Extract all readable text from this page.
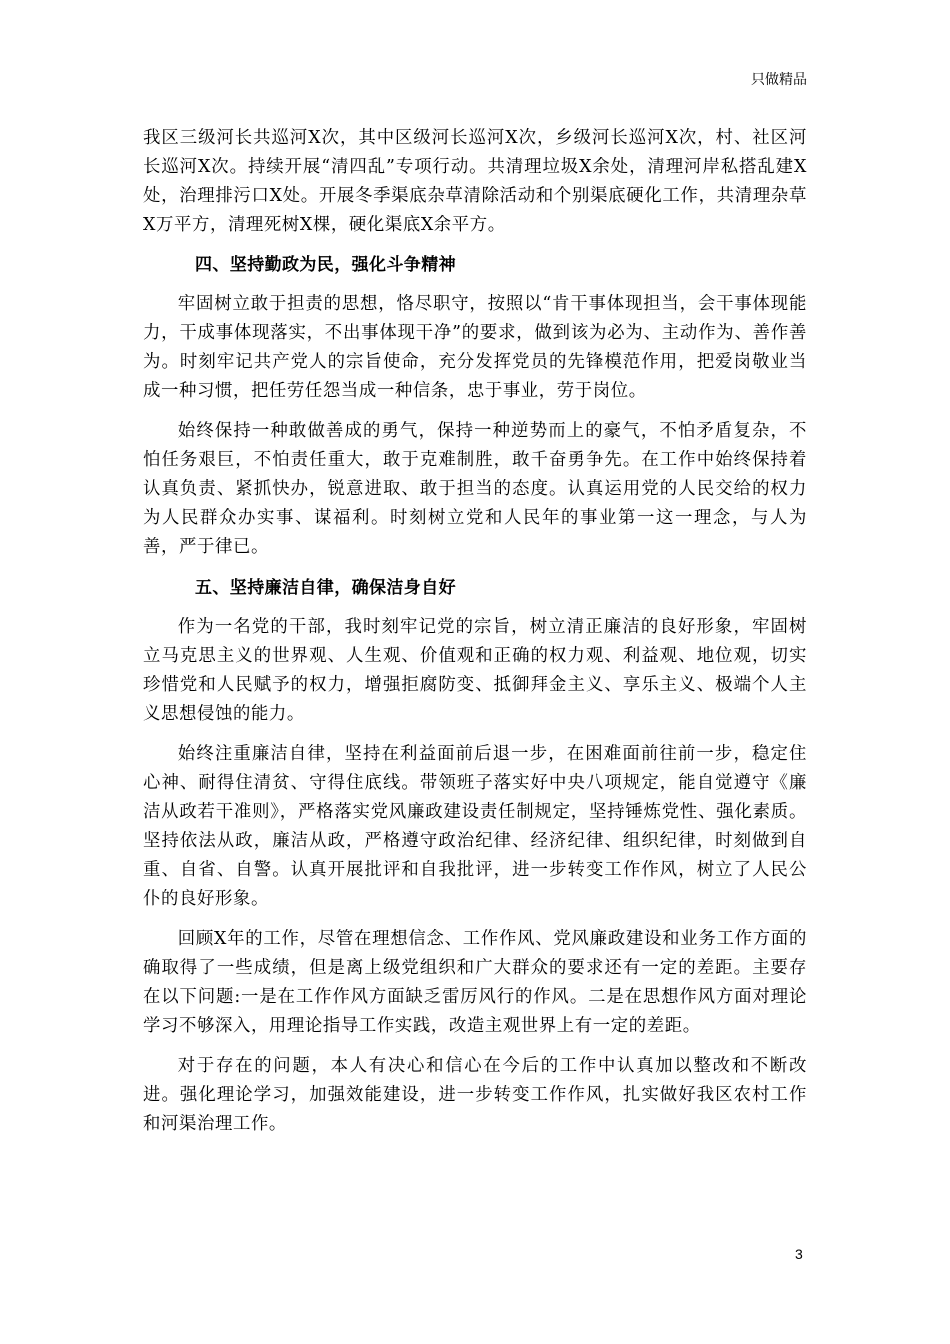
只做精品

我区三级河长共巡河X次，其中区级河长巡河X次，乡级河长巡河X次，村、社区河长巡河X次。持续开展“清四乱”专项行动。共清理垃圾X余处，清理河岸私搭乱建X处，治理排污口X处。开展冬季渠底杂草清除活动和个别渠底硬化工作，共清理杂草X万平方，清理死树X棵，硬化渠底X余平方。

四、坚持勤政为民，强化斗争精神

牢固树立敢于担责的思想，恪尽职守，按照以“肯干事体现担当，会干事体现能力，干成事体现落实，不出事体现干净”的要求，做到该为必为、主动作为、善作善为。时刻牢记共产党人的宗旨使命，充分发挥党员的先锋模范作用，把爱岗敬业当成一种习惯，把任劳任怨当成一种信条，忠于事业，劳于岗位。

始终保持一种敢做善成的勇气，保持一种逆势而上的豪气，不怕矛盾复杂，不怕任务艰巨，不怕责任重大，敢于克难制胜，敢千奋勇争先。在工作中始终保持着认真负责、紧抓快办，锐意进取、敢于担当的态度。认真运用党的人民交给的权力为人民群众办实事、谋福利。时刻树立党和人民年的事业第一这一理念，与人为善，严于律已。

五、坚持廉洁自律，确保洁身自好

作为一名党的干部，我时刻牢记党的宗旨，树立清正廉洁的良好形象，牢固树立马克思主义的世界观、人生观、价值观和正确的权力观、利益观、地位观，切实珍惜党和人民赋予的权力，增强拒腐防变、抵御拜金主义、享乐主义、极端个人主义思想侵蚀的能力。

始终注重廉洁自律，坚持在利益面前后退一步，在困难面前往前一步，稳定住心神、耐得住清贫、守得住底线。带领班子落实好中央八项规定，能自觉遵守《廉洁从政若干准则》，严格落实党风廉政建设责任制规定，坚持锤炼党性、强化素质。坚持依法从政，廉洁从政，严格遵守政治纪律、经济纪律、组织纪律，时刻做到自重、自省、自警。认真开展批评和自我批评，进一步转变工作作风，树立了人民公仆的良好形象。

回顾X年的工作，尽管在理想信念、工作作风、党风廉政建设和业务工作方面的确取得了一些成绩，但是离上级党组织和广大群众的要求还有一定的差距。主要存在以下问题:一是在工作作风方面缺乏雷厉风行的作风。二是在思想作风方面对理论学习不够深入，用理论指导工作实践，改造主观世界上有一定的差距。

对于存在的问题，本人有决心和信心在今后的工作中认真加以整改和不断改进。强化理论学习，加强效能建设，进一步转变工作作风，扎实做好我区农村工作和河渠治理工作。

3
